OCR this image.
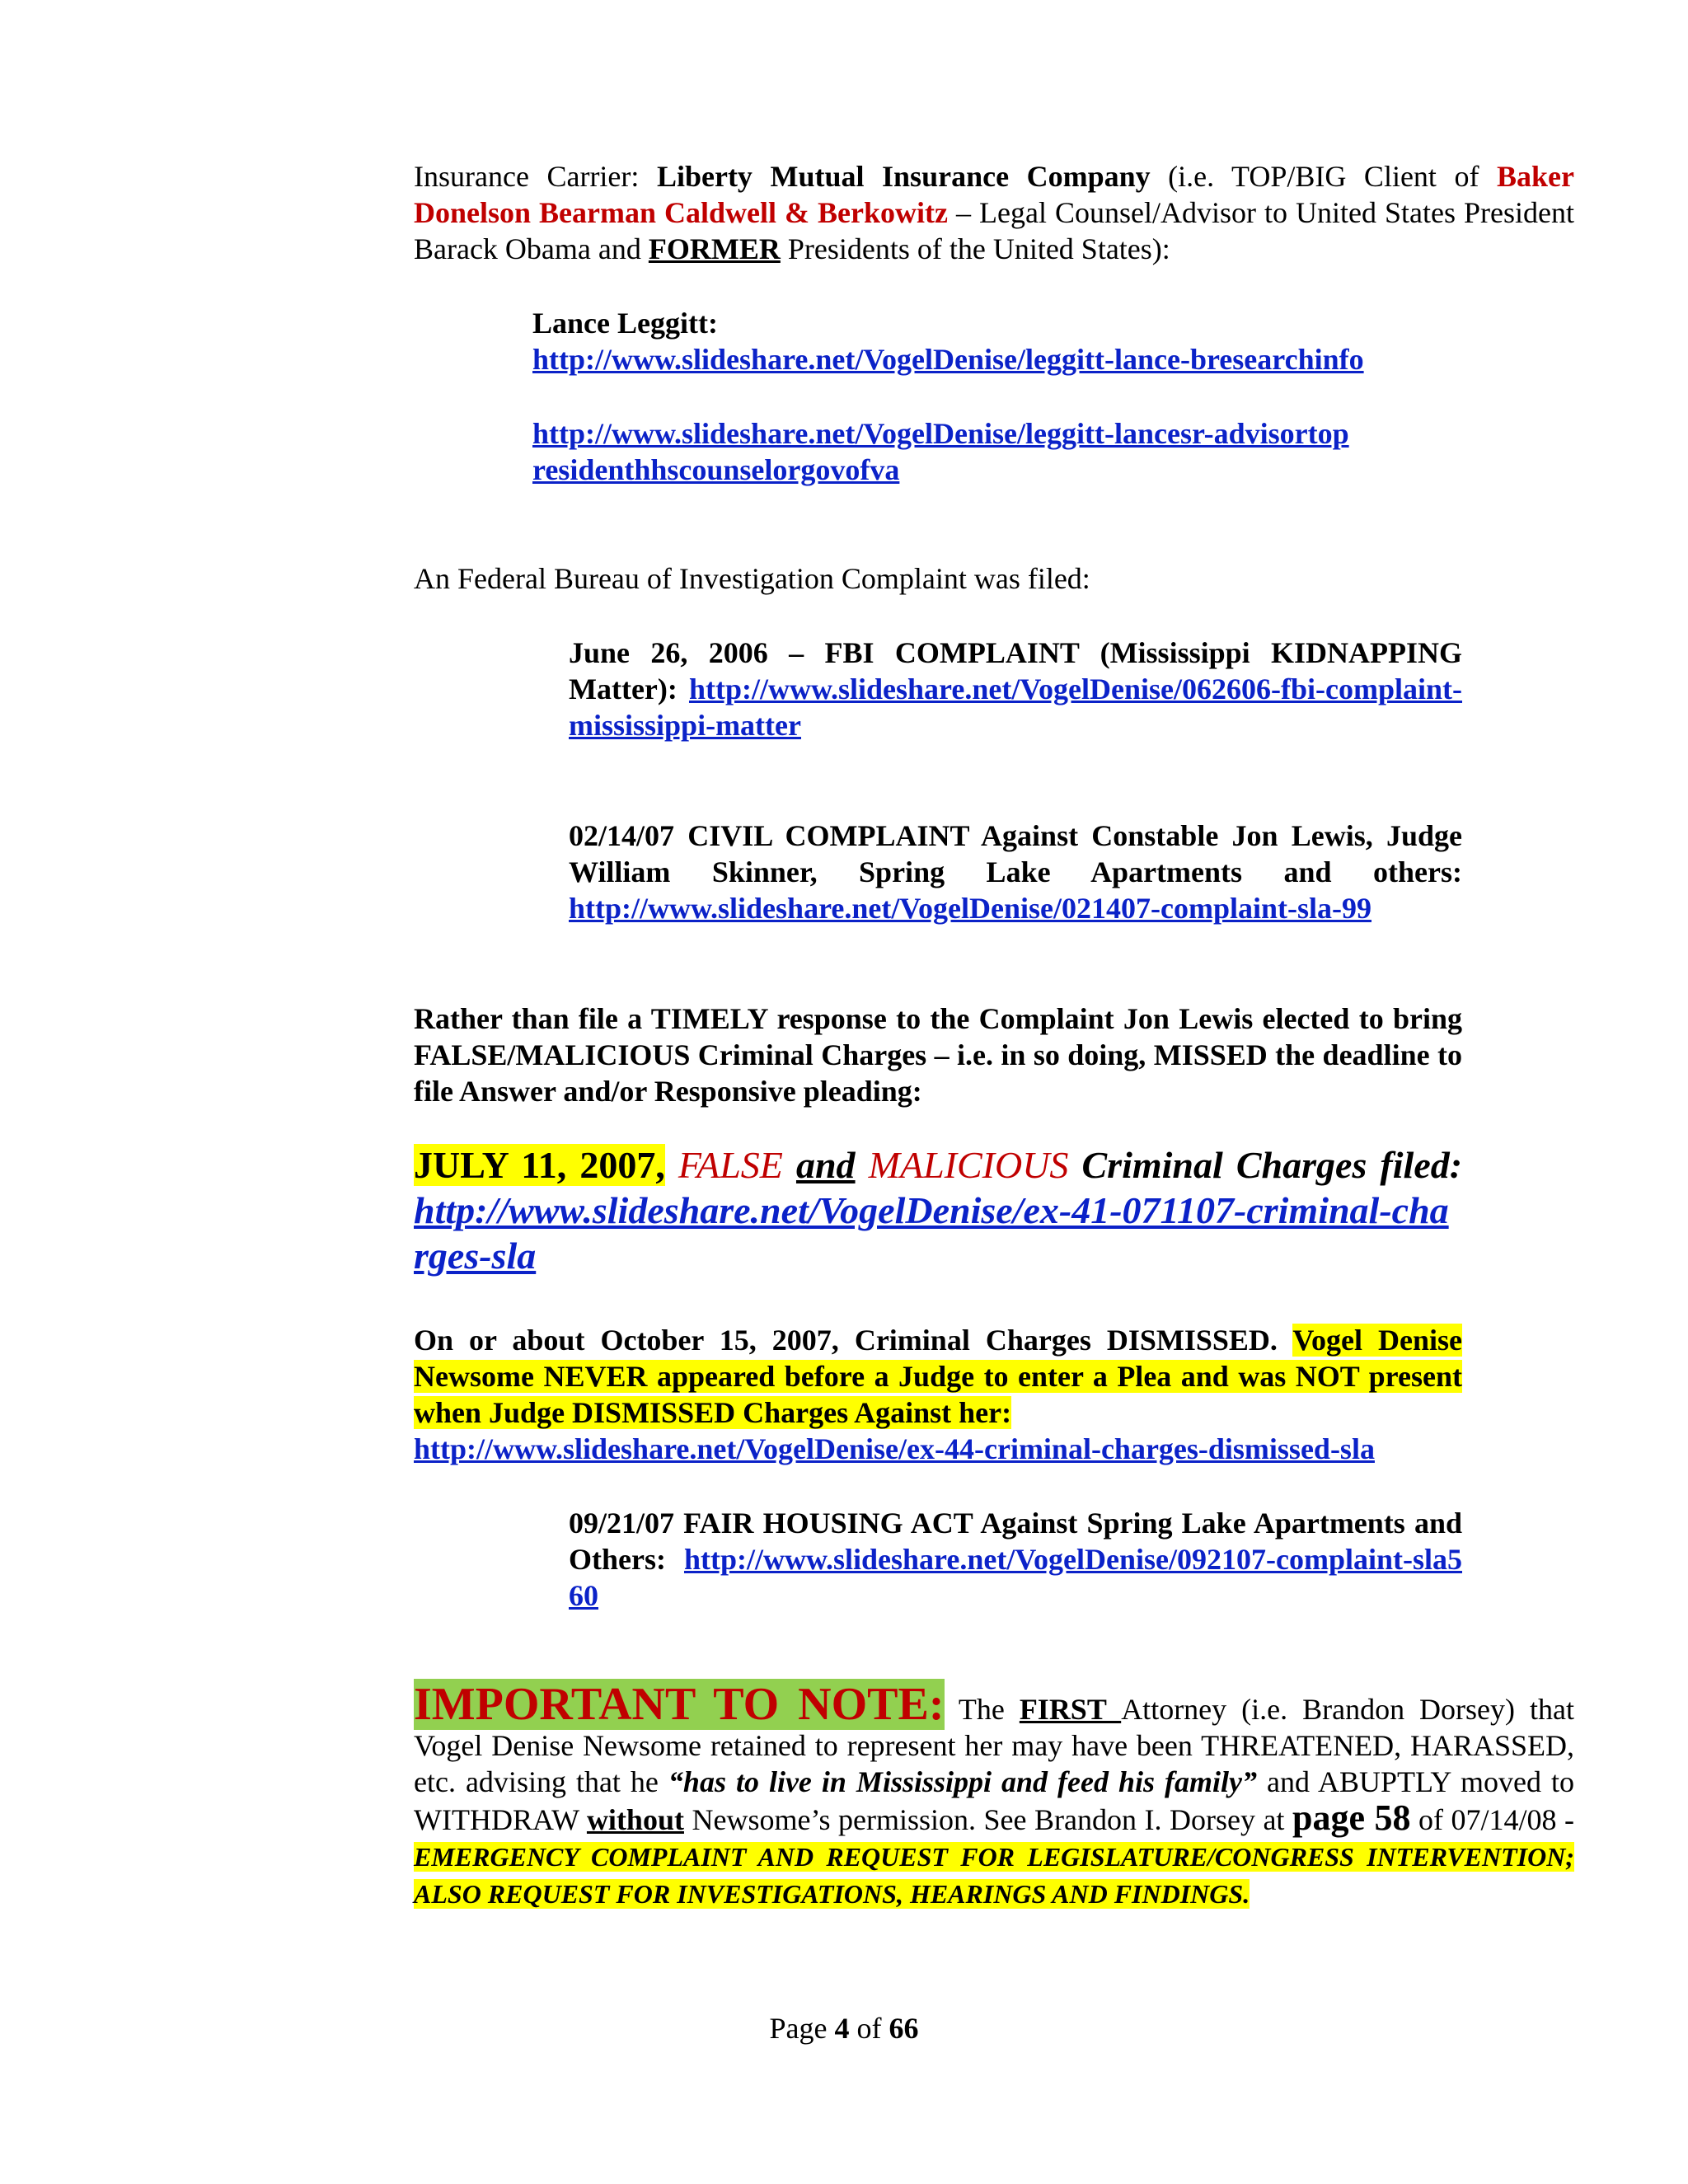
Insurance Carrier: Liberty Mutual Insurance Company (i.e. TOP/BIG Client of Baker Donelson Bearman Caldwell & Berkowitz – Legal Counsel/Advisor to United States President Barack Obama and FORMER Presidents of the United States):

Lance Leggitt:
http://www.slideshare.net/VogelDenise/leggitt-lance-bresearchinfo

http://www.slideshare.net/VogelDenise/leggitt-lancesr-advisortopresidenthhscounselorgovofva

An Federal Bureau of Investigation Complaint was filed:

June 26, 2006 – FBI COMPLAINT (Mississippi KIDNAPPING Matter): http://www.slideshare.net/VogelDenise/062606-fbi-complaint-mississippi-matter

02/14/07 CIVIL COMPLAINT Against Constable Jon Lewis, Judge William Skinner, Spring Lake Apartments and others: http://www.slideshare.net/VogelDenise/021407-complaint-sla-99

Rather than file a TIMELY response to the Complaint Jon Lewis elected to bring FALSE/MALICIOUS Criminal Charges – i.e. in so doing, MISSED the deadline to file Answer and/or Responsive pleading:

JULY 11, 2007, FALSE and MALICIOUS Criminal Charges filed: http://www.slideshare.net/VogelDenise/ex-41-071107-criminal-charges-sla

On or about October 15, 2007, Criminal Charges DISMISSED. Vogel Denise Newsome NEVER appeared before a Judge to enter a Plea and was NOT present when Judge DISMISSED Charges Against her:
http://www.slideshare.net/VogelDenise/ex-44-criminal-charges-dismissed-sla

09/21/07 FAIR HOUSING ACT Against Spring Lake Apartments and Others: http://www.slideshare.net/VogelDenise/092107-complaint-sla560

IMPORTANT TO NOTE: The FIRST Attorney (i.e. Brandon Dorsey) that Vogel Denise Newsome retained to represent her may have been THREATENED, HARASSED, etc. advising that he “has to live in Mississippi and feed his family” and ABUPTLY moved to WITHDRAW without Newsome’s permission. See Brandon I. Dorsey at page 58 of 07/14/08 - EMERGENCY COMPLAINT AND REQUEST FOR LEGISLATURE/CONGRESS INTERVENTION; ALSO REQUEST FOR INVESTIGATIONS, HEARINGS AND FINDINGS.

Page 4 of 66
